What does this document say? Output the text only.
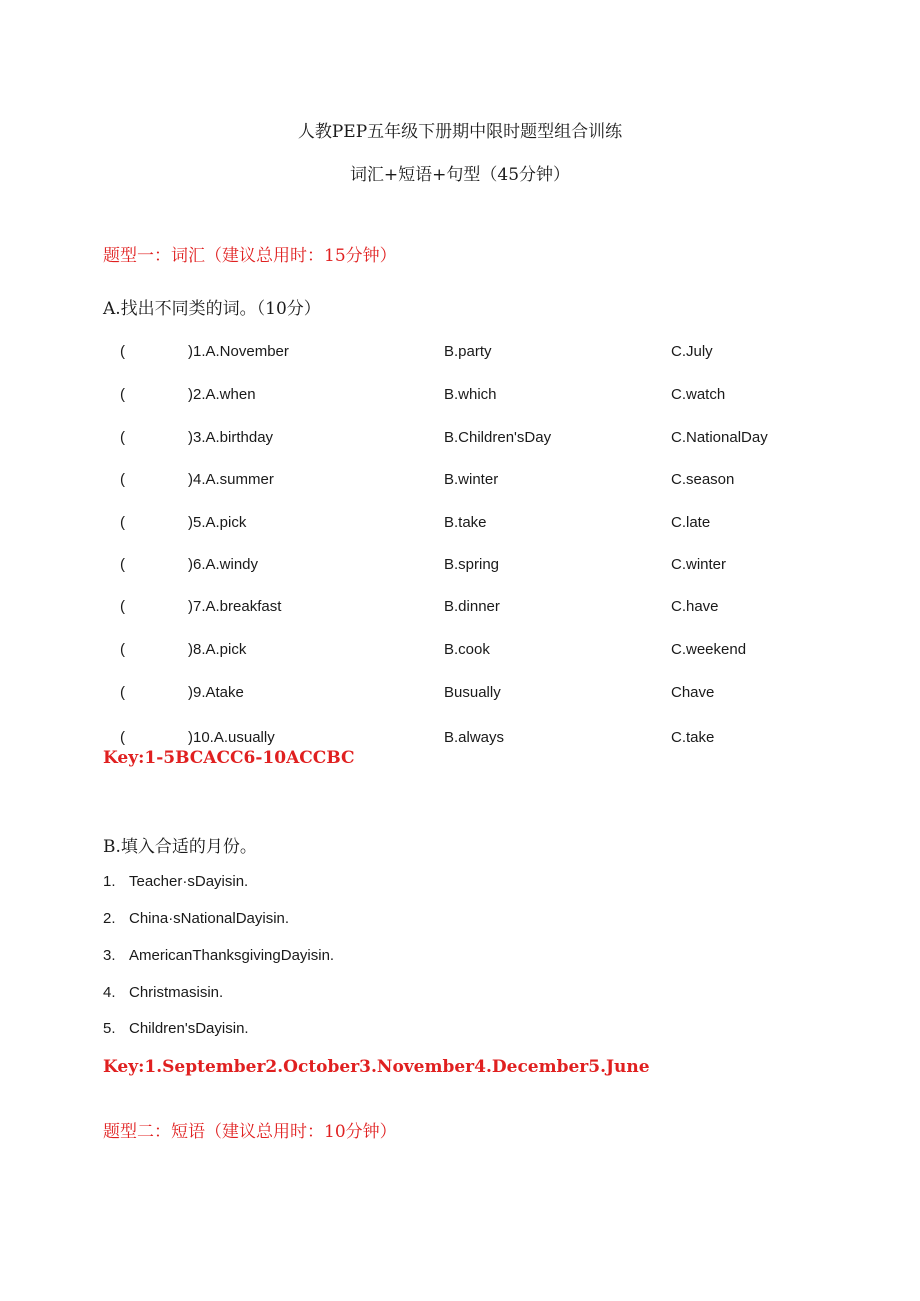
人教PEP五年级下册期中限时题型组合训练
词汇+短语+句型（45分钟）
题型一：词汇（建议总用时：15分钟）
A.找出不同类的词。（10分）
(	)1.A.November	B.party	C.July
(	)2.A.when	B.which	C.watch
(	)3.A.birthday	B.Children'sDay	C.NationalDay
(	)4.A.summer	B.winter	C.season
(	)5.A.pick	B.take	C.late
(	)6.A.windy	B.spring	C.winter
(	)7.A.breakfast	B.dinner	C.have
(	)8.A.pick	B.cook	C.weekend
(	)9.Atake	Busually	Chave
(	)10.A.usually	B.always	C.take
Key:1-5BCACC6-10ACCBC
B.填入合适的月份。
1. Teacher·sDayisin.
2. China·sNationalDayisin.
3. AmericanThanksgivingDayisin.
4. Christmasisin.
5. Children'sDayisin.
Key:1.September2.October3.November4.December5.June
题型二：短语（建议总用时：10分钟）
